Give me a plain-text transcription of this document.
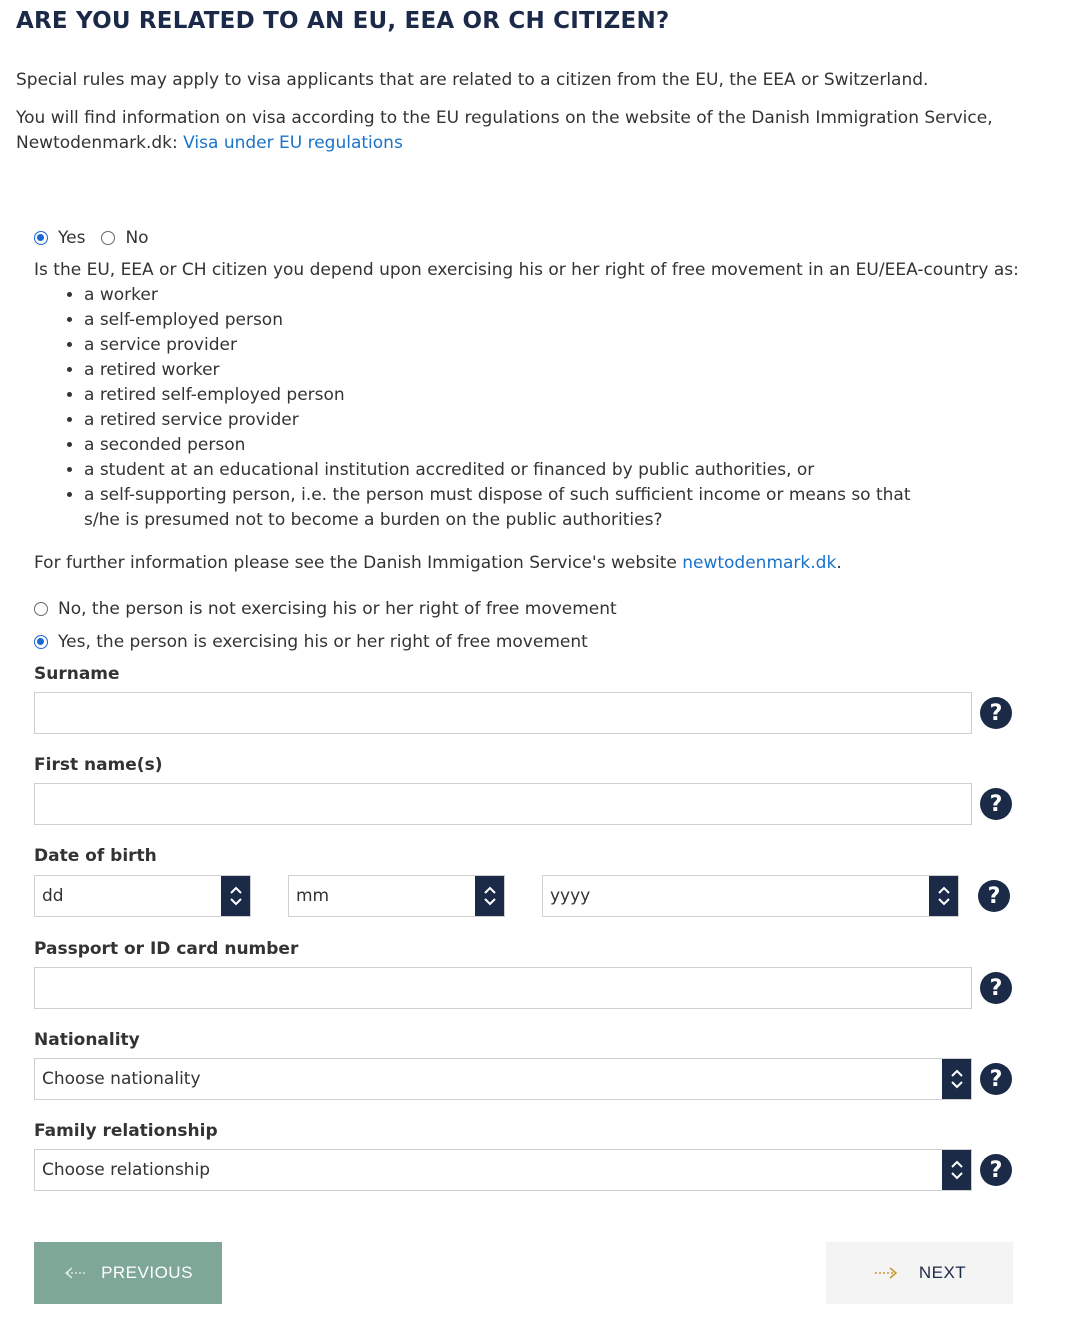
ARE YOU RELATED TO AN EU, EEA OR CH CITIZEN?
Special rules may apply to visa applicants that are related to a citizen from the EU, the EEA or Switzerland.
You will find information on visa according to the EU regulations on the website of the Danish Immigration Service,
Newtodenmark.dk: Visa under EU regulations
Yes No
Is the EU, EEA or CH citizen you depend upon exercising his or her right of free movement in an EU/EEA-country as:
• a worker
• a self-employed person
• a service provider
• a retired worker
• a retired self-employed person
• a retired service provider
• a seconded person
• a student at an educational institution accredited or financed by public authorities, or
• a self-supporting person, i.e. the person must dispose of such sufficient income or means so that s/he is presumed not to become a burden on the public authorities?
For further information please see the Danish Immigation Service's website newtodenmark.dk.
No, the person is not exercising his or her right of free movement
Yes, the person is exercising his or her right of free movement
Surname
?
First name(s)
?
Date of birth
dd	mm	yyyy	?
Passport or ID card number
?
Nationality
Choose nationality	?
Family relationship
Choose relationship	?
PREVIOUS	NEXT
